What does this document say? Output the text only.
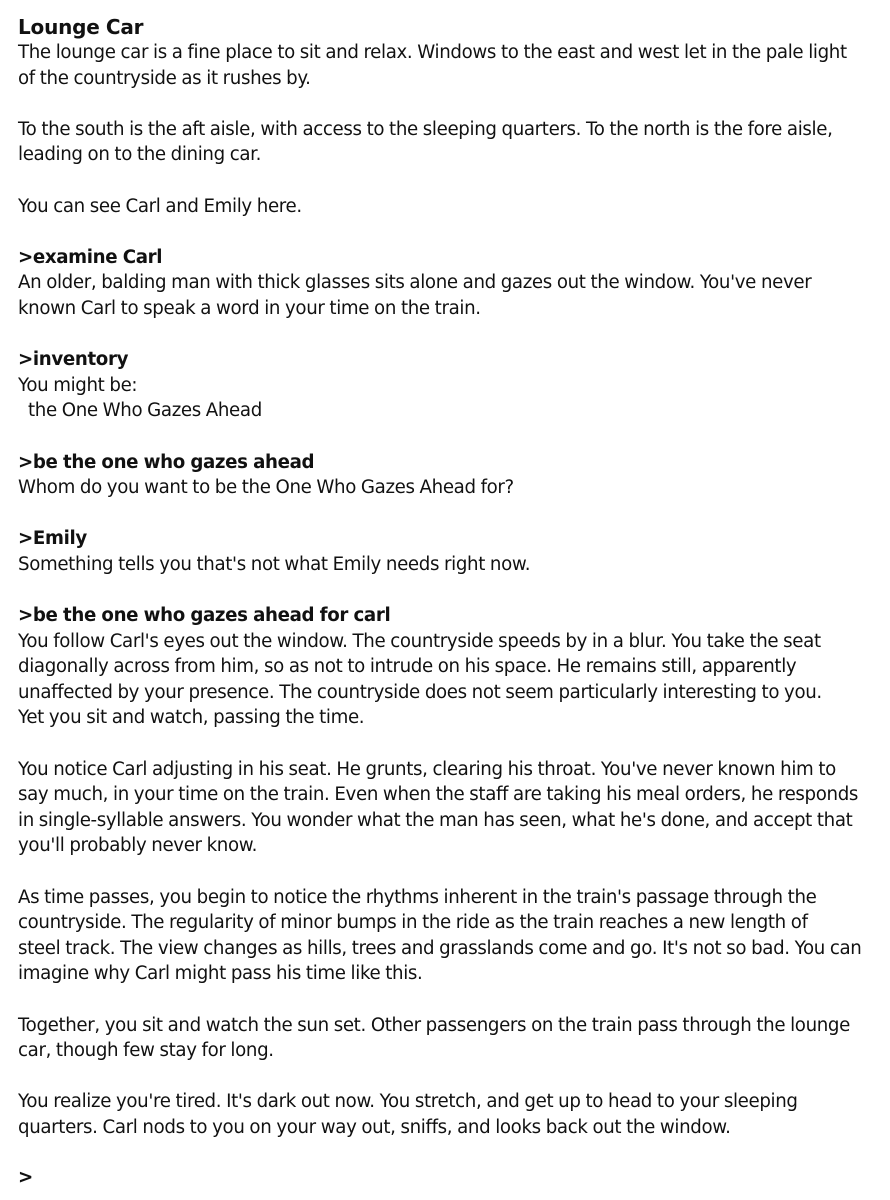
Lounge Car
The lounge car is a fine place to sit and relax. Windows to the east and west let in the pale light
of the countryside as it rushes by.
To the south is the aft aisle, with access to the sleeping quarters. To the north is the fore aisle,
leading on to the dining car.
You can see Carl and Emily here.
>examine Carl
An older, balding man with thick glasses sits alone and gazes out the window. You've never
known Carl to speak a word in your time on the train.
>inventory
You might be:
the One Who Gazes Ahead
>be the one who gazes ahead
Whom do you want to be the One Who Gazes Ahead for?
>Emily
Something tells you that's not what Emily needs right now.
>be the one who gazes ahead for carl
You follow Carl's eyes out the window. The countryside speeds by in a blur. You take the seat
diagonally across from him, so as not to intrude on his space. He remains still, apparently
unaffected by your presence. The countryside does not seem particularly interesting to you.
Yet you sit and watch, passing the time.
You notice Carl adjusting in his seat. He grunts, clearing his throat. You've never known him to
say much, in your time on the train. Even when the staff are taking his meal orders, he responds
in single-syllable answers. You wonder what the man has seen, what he's done, and accept that
you'll probably never know.
As time passes, you begin to notice the rhythms inherent in the train's passage through the
countryside. The regularity of minor bumps in the ride as the train reaches a new length of
steel track. The view changes as hills, trees and grasslands come and go. It's not so bad. You can
imagine why Carl might pass his time like this.
Together, you sit and watch the sun set. Other passengers on the train pass through the lounge
car, though few stay for long.
You realize you're tired. It's dark out now. You stretch, and get up to head to your sleeping
quarters. Carl nods to you on your way out, sniffs, and looks back out the window.
>
